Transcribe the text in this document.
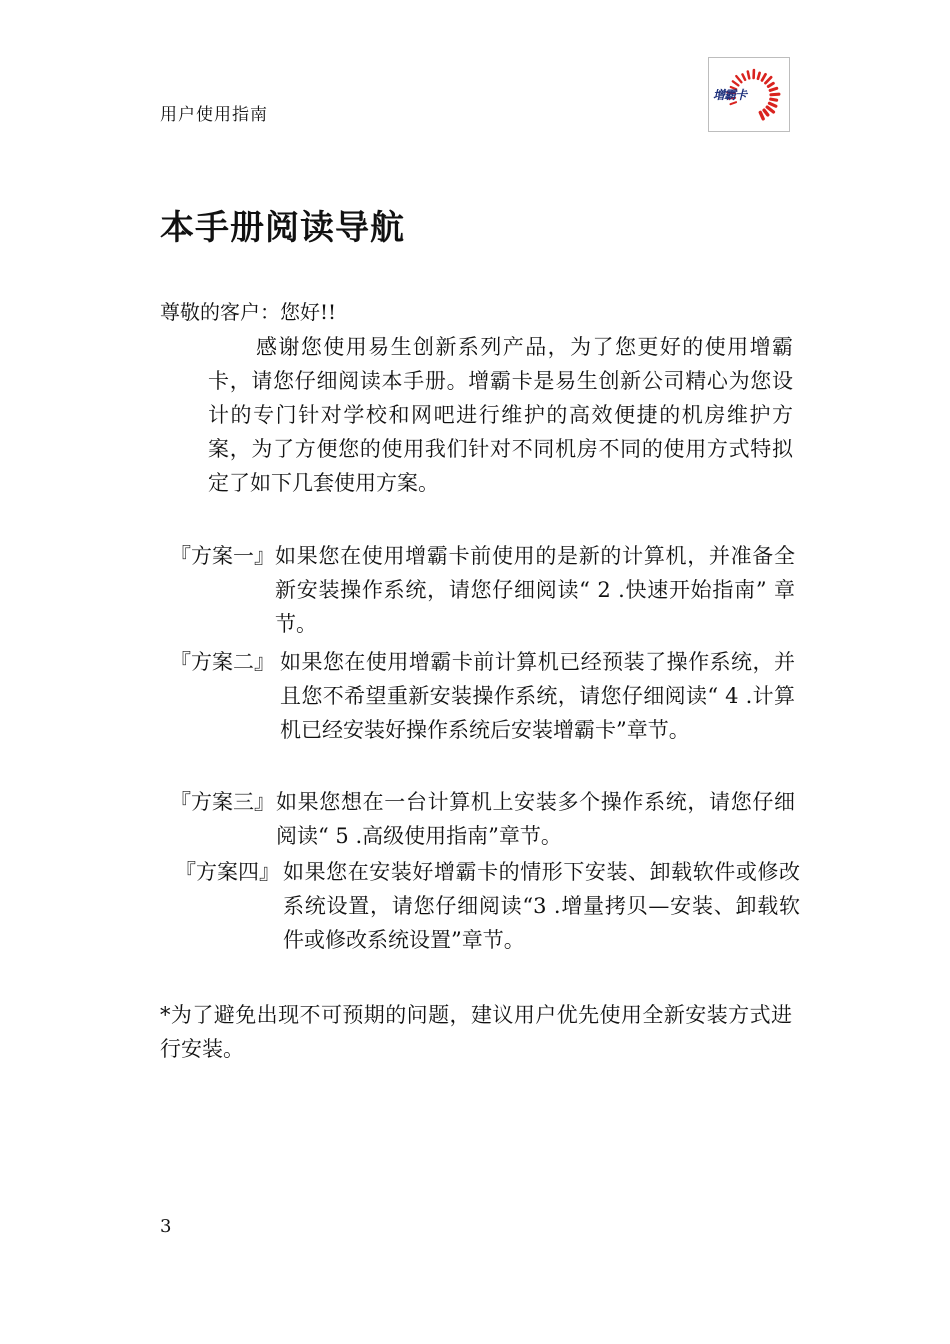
用户使用指南
增霸卡
本手册阅读导航
尊敬的客户：您好!!
感谢您使用易生创新系列产品，为了您更好的使用增霸卡，请您仔细阅读本手册。增霸卡是易生创新公司精心为您设计的专门针对学校和网吧进行维护的高效便捷的机房维护方案，为了方便您的使用我们针对不同机房不同的使用方式特拟定了如下几套使用方案。
『方案一』 如果您在使用增霸卡前使用的是新的计算机，并准备全新安装操作系统，请您仔细阅读“ 2 .快速开始指南” 章节。
『方案二』 如果您在使用增霸卡前计算机已经预装了操作系统，并且您不希望重新安装操作系统，请您仔细阅读“ 4 .计算机已经安装好操作系统后安装增霸卡”章节。
『方案三』 如果您想在一台计算机上安装多个操作系统，请您仔细阅读“ 5 .高级使用指南”章节。
『方案四』 如果您在安装好增霸卡的情形下安装、卸载软件或修改系统设置，请您仔细阅读“3 .增量拷贝—安装、卸载软件或修改系统设置”章节。
*为了避免出现不可预期的问题，建议用户优先使用全新安装方式进行安装。
3
